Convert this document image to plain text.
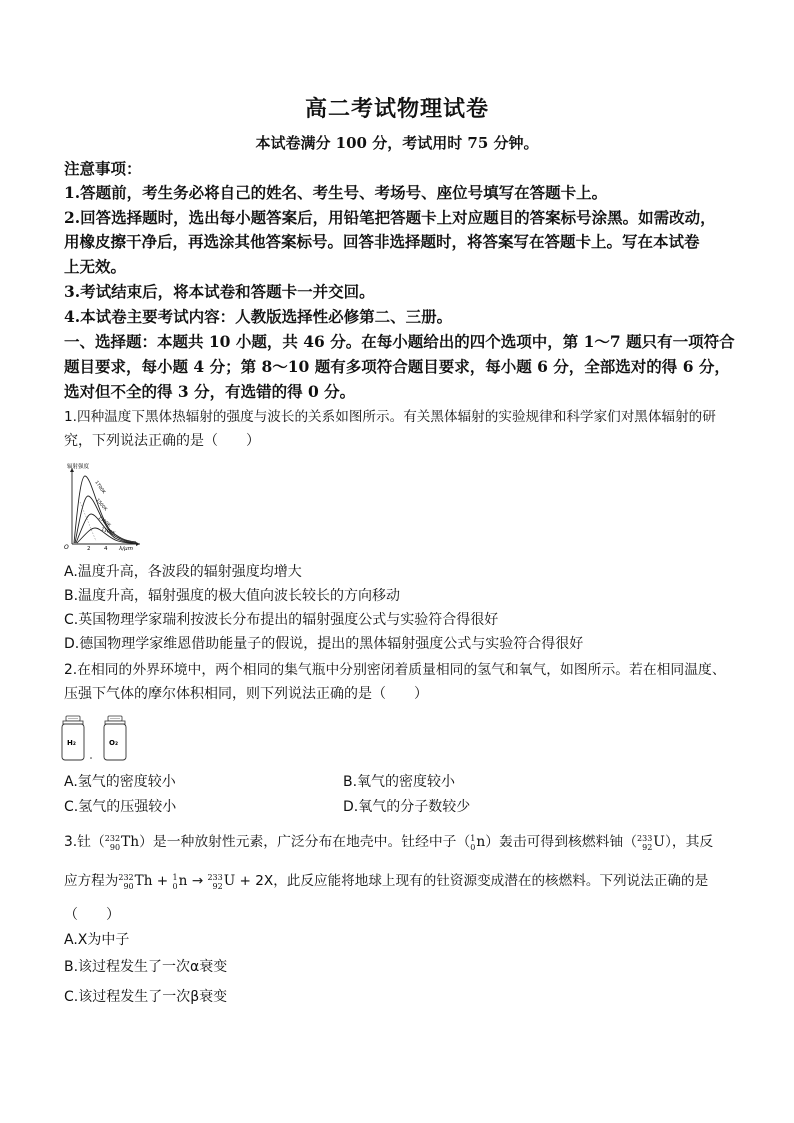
高二考试物理试卷
本试卷满分 100 分，考试用时 75 分钟。
注意事项：
1.答题前，考生务必将自己的姓名、考生号、考场号、座位号填写在答题卡上。
2.回答选择题时，选出每小题答案后，用铅笔把答题卡上对应题目的答案标号涂黑。如需改动，
用橡皮擦干净后，再选涂其他答案标号。回答非选择题时，将答案写在答题卡上。写在本试卷
上无效。
3.考试结束后，将本试卷和答题卡一并交回。
4.本试卷主要考试内容：人教版选择性必修第二、三册。
一、选择题：本题共 10 小题，共 46 分。在每小题给出的四个选项中，第 1～7 题只有一项符合
题目要求，每小题 4 分；第 8～10 题有多项符合题目要求，每小题 6 分，全部选对的得 6 分，
选对但不全的得 3 分，有选错的得 0 分。
1.四种温度下黑体热辐射的强度与波长的关系如图所示。有关黑体辐射的实验规律和科学家们对黑体辐射的研
究，下列说法正确的是（　　）
辐射强度
O	2 4 λ/μm
1700K
1500K
1300K
1100K
A.温度升高，各波段的辐射强度均增大
B.温度升高，辐射强度的极大值向波长较长的方向移动
C.英国物理学家瑞利按波长分布提出的辐射强度公式与实验符合得很好
D.德国物理学家维恩借助能量子的假说，提出的黑体辐射强度公式与实验符合得很好
2.在相同的外界环境中，两个相同的集气瓶中分别密闭着质量相同的氢气和氧气，如图所示。若在相同温度、
压强下气体的摩尔体积相同，则下列说法正确的是（　　）
H₂	O₂
A.氢气的密度较小	B.氧气的密度较小
C.氢气的压强较小	D.氧气的分子数较少
3.钍（ 232
90 Th）是一种放射性元素，广泛分布在地壳中。钍经中子（ 1
0 n）轰击可得到核燃料铀（ 233
92 U），其反
应方程为 232
90 Th + 1
0 n → 233
92 U + 2X，此反应能将地球上现有的钍资源变成潜在的核燃料。下列说法正确的是
（　　）
A.X为中子
B.该过程发生了一次α衰变
C.该过程发生了一次β衰变
